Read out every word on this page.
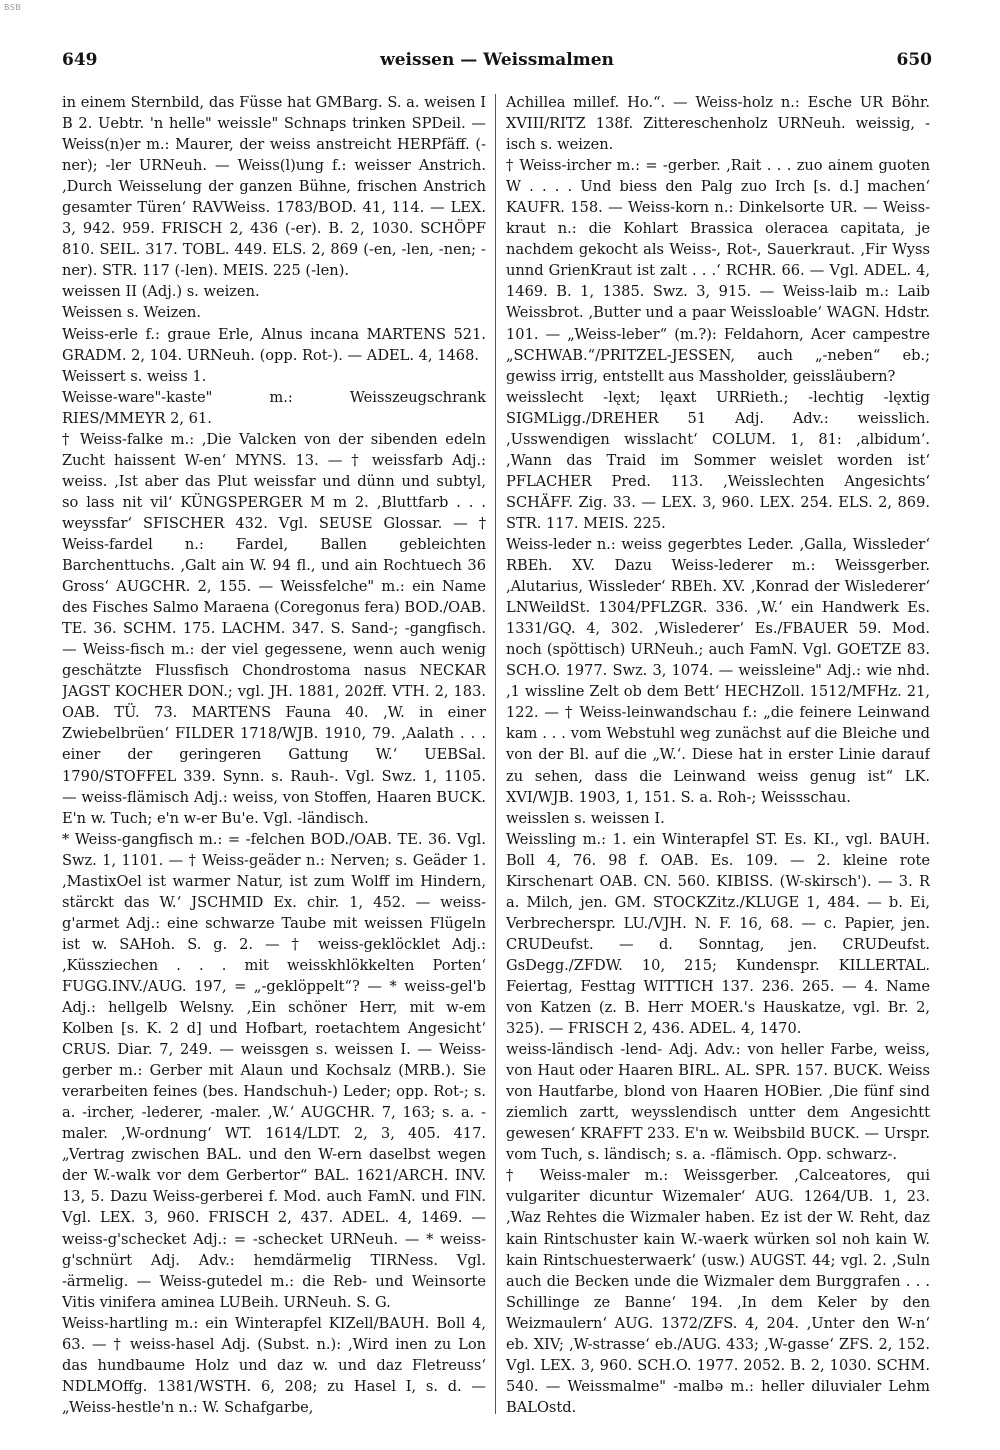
BSB
649	weissen — Weissmalmen	650

in einem Sternbild, das Füsse hat GMBarg. S. a. weisen I B 2. Uebtr. 'n helle" weissle" Schnaps trinken SPDeil. — Weiss(n)er m.: Maurer, der weiss anstreicht HERPfäff. (-ner); -ler URNeuh. — Weiss(l)ung f.: weisser Anstrich. ‚Durch Weisselung der ganzen Bühne, frischen Anstrich gesamter Türen‘ RAVWeiss. 1783/BOD. 41, 114. — LEX. 3, 942. 959. FRISCH 2, 436 (-er). B. 2, 1030. SCHÖPF 810. SEIL. 317. TOBL. 449. ELS. 2, 869 (-en, -len, -nen; -ner). STR. 117 (-len). MEIS. 225 (-len).

weissen II (Adj.) s. weizen.

Weissen s. Weizen.

Weiss-erle f.: graue Erle, Alnus incana MARTENS 521. GRADM. 2, 104. URNeuh. (opp. Rot-). — ADEL. 4, 1468.

Weissert s. weiss 1.

Weisse-ware"-kaste" m.: Weisszeugschrank RIES/MMEYR 2, 61.

† Weiss-falke m.: ‚Die Valcken von der sibenden edeln Zucht haissent W-en‘ MYNS. 13. — † weissfarb Adj.: weiss. ‚Ist aber das Plut weissfar und dünn und subtyl, so lass nit vil‘ KÜNGSPERGER M m 2. ‚Bluttfarb . . . weyssfar‘ SFISCHER 432. Vgl. SEUSE Glossar. — † Weiss-fardel n.: Fardel, Ballen gebleichten Barchenttuchs. ‚Galt ain W. 94 fl., und ain Rochtuech 36 Gross‘ AUGCHR. 2, 155. — Weissfelche" m.: ein Name des Fisches Salmo Maraena (Coregonus fera) BOD./OAB. TE. 36. SCHM. 175. LACHM. 347. S. Sand-; -gangfisch. — Weiss-fisch m.: der viel gegessene, wenn auch wenig geschätzte Flussfisch Chondrostoma nasus NECKAR JAGST KOCHER DON.; vgl. JH. 1881, 202ff. VTH. 2, 183. OAB. TÜ. 73. MARTENS Fauna 40. ‚W. in einer Zwiebelbrüen‘ FILDER 1718/WJB. 1910, 79. ‚Aalath . . . einer der geringeren Gattung W.‘ UEBSal. 1790/STOFFEL 339. Synn. s. Rauh-. Vgl. Swz. 1, 1105. — weiss-flämisch Adj.: weiss, von Stoffen, Haaren BUCK. E'n w. Tuch; e'n w-er Bu'e. Vgl. -ländisch.

* Weiss-gangfisch m.: = -felchen BOD./OAB. TE. 36. Vgl. Swz. 1, 1101. — † Weiss-geäder n.: Nerven; s. Geäder 1. ‚MastixOel ist warmer Natur, ist zum Wolff im Hindern, stärckt das W.‘ JSCHMID Ex. chir. 1, 452. — weiss-g'armet Adj.: eine schwarze Taube mit weissen Flügeln ist w. SAHoh. S. g. 2. — † weiss-geklöcklet Adj.: ‚Küssziechen . . . mit weisskhlökkelten Porten‘ FUGG.INV./AUG. 197, = „-geklöppelt“? — * weiss-gel'b Adj.: hellgelb Welsny. ‚Ein schöner Herr, mit w-em Kolben [s. K. 2 d] und Hofbart, roetachtem Angesicht‘ CRUS. Diar. 7, 249. — weissgen s. weissen I. — Weiss-gerber m.: Gerber mit Alaun und Kochsalz (MRB.). Sie verarbeiten feines (bes. Handschuh-) Leder; opp. Rot-; s. a. -ircher, -lederer, -maler. ‚W.‘ AUGCHR. 7, 163; s. a. -maler. ‚W-ordnung‘ WT. 1614/LDT. 2, 3, 405. 417. „Vertrag zwischen BAL. und den W-ern daselbst wegen der W.-walk vor dem Gerbertor“ BAL. 1621/ARCH. INV. 13, 5. Dazu Weiss-gerberei f. Mod. auch FamN. und FlN. Vgl. LEX. 3, 960. FRISCH 2, 437. ADEL. 4, 1469. — weiss-g'schecket Adj.: = -schecket URNeuh. — * weiss-g'schnürt Adj. Adv.: hemdärmelig TIRNess. Vgl. -ärmelig. — Weiss-gutedel m.: die Reb- und Weinsorte Vitis vinifera aminea LUBeih. URNeuh. S. G.

Weiss-hartling m.: ein Winterapfel KIZell/BAUH. Boll 4, 63. — † weiss-hasel Adj. (Subst. n.): ‚Wird inen zu Lon das hundbaume Holz und daz w. und daz Fletreuss‘ NDLMOffg. 1381/WSTH. 6, 208; zu Hasel I, s. d. — „Weiss-hestle'n n.: W. Schafgarbe,

Achillea millef. Ho.“. — Weiss-holz n.: Esche UR Böhr. XVIII/RITZ 138f. Zittereschenholz URNeuh. weissig, -isch s. weizen.

† Weiss-ircher m.: = -gerber. ‚Rait . . . zuo ainem guoten W . . . . Und biess den Palg zuo Irch [s. d.] machen‘ KAUFR. 158. — Weiss-korn n.: Dinkelsorte UR. — Weiss-kraut n.: die Kohlart Brassica oleracea capitata, je nachdem gekocht als Weiss-, Rot-, Sauerkraut. ‚Fir Wyss unnd GrienKraut ist zalt . . .‘ RCHR. 66. — Vgl. ADEL. 4, 1469. B. 1, 1385. Swz. 3, 915. — Weiss-laib m.: Laib Weissbrot. ‚Butter und a paar Weissloable‘ WAGN. Hdstr. 101. — „Weiss-leber“ (m.?): Feldahorn, Acer campestre „SCHWAB.“/PRITZEL-JESSEN, auch „-neben“ eb.; gewiss irrig, entstellt aus Massholder, geissläubern?

weisslecht -lęxt; lęaxt URRieth.; -lechtig -lęxtig SIGMLigg./DREHER 51 Adj. Adv.: weisslich. ‚Usswendigen wisslacht‘ COLUM. 1, 81: ‚albidum‘. ‚Wann das Traid im Sommer weislet worden ist‘ PFLACHER Pred. 113. ‚Weisslechten Angesichts‘ SCHÄFF. Zig. 33. — LEX. 3, 960. LEX. 254. ELS. 2, 869. STR. 117. MEIS. 225.

Weiss-leder n.: weiss gegerbtes Leder. ‚Galla, Wissleder‘ RBEh. XV. Dazu Weiss-lederer m.: Weissgerber. ‚Alutarius, Wissleder‘ RBEh. XV. ‚Konrad der Wislederer‘ LNWeildSt. 1304/PFLZGR. 336. ‚W.‘ ein Handwerk Es. 1331/GQ. 4, 302. ‚Wislederer‘ Es./FBAUER 59. Mod. noch (spöttisch) URNeuh.; auch FamN. Vgl. GOETZE 83. SCH.O. 1977. Swz. 3, 1074. — weissleine" Adj.: wie nhd. ‚1 wissline Zelt ob dem Bett‘ HECHZoll. 1512/MFHz. 21, 122. — † Weiss-leinwandschau f.: „die feinere Leinwand kam . . . vom Webstuhl weg zunächst auf die Bleiche und von der Bl. auf die „W.‘. Diese hat in erster Linie darauf zu sehen, dass die Leinwand weiss genug ist“ LK. XVI/WJB. 1903, 1, 151. S. a. Roh-; Weissschau.

weisslen s. weissen I.

Weissling m.: 1. ein Winterapfel ST. Es. KI., vgl. BAUH. Boll 4, 76. 98 f. OAB. Es. 109. — 2. kleine rote Kirschenart OAB. CN. 560. KIBISS. (W-skirsch'). — 3. R a. Milch, jen. GM. STOCKZitz./KLUGE 1, 484. — b. Ei, Verbrecherspr. LU./VJH. N. F. 16, 68. — c. Papier, jen. CRUDeufst. — d. Sonntag, jen. CRUDeufst. GsDegg./ZFDW. 10, 215; Kundenspr. KILLERTAL. Feiertag, Festtag WITTICH 137. 236. 265. — 4. Name von Katzen (z. B. Herr MOER.'s Hauskatze, vgl. Br. 2, 325). — FRISCH 2, 436. ADEL. 4, 1470.

weiss-ländisch -lend- Adj. Adv.: von heller Farbe, weiss, von Haut oder Haaren BIRL. AL. SPR. 157. BUCK. Weiss von Hautfarbe, blond von Haaren HOBier. ‚Die fünf sind ziemlich zartt, weysslendisch untter dem Angesichtt gewesen‘ KRAFFT 233. E'n w. Weibsbild BUCK. — Urspr. vom Tuch, s. ländisch; s. a. -flämisch. Opp. schwarz-.

† Weiss-maler m.: Weissgerber. ‚Calceatores, qui vulgariter dicuntur Wizemaler‘ AUG. 1264/UB. 1, 23. ‚Waz Rehtes die Wizmaler haben. Ez ist der W. Reht, daz kain Rintschuster kain W.-waerk würken sol noh kain W. kain Rintschuesterwaerk‘ (usw.) AUGST. 44; vgl. 2. ‚Suln auch die Becken unde die Wizmaler dem Burggrafen . . . Schillinge ze Banne‘ 194. ‚In dem Keler by den Weizmaulern‘ AUG. 1372/ZFS. 4, 204. ‚Unter den W-n‘ eb. XIV; ‚W-strasse‘ eb./AUG. 433; ‚W-gasse‘ ZFS. 2, 152. Vgl. LEX. 3, 960. SCH.O. 1977. 2052. B. 2, 1030. SCHM. 540. — Weissmalme" -malbə m.: heller diluvialer Lehm BALOstd.
